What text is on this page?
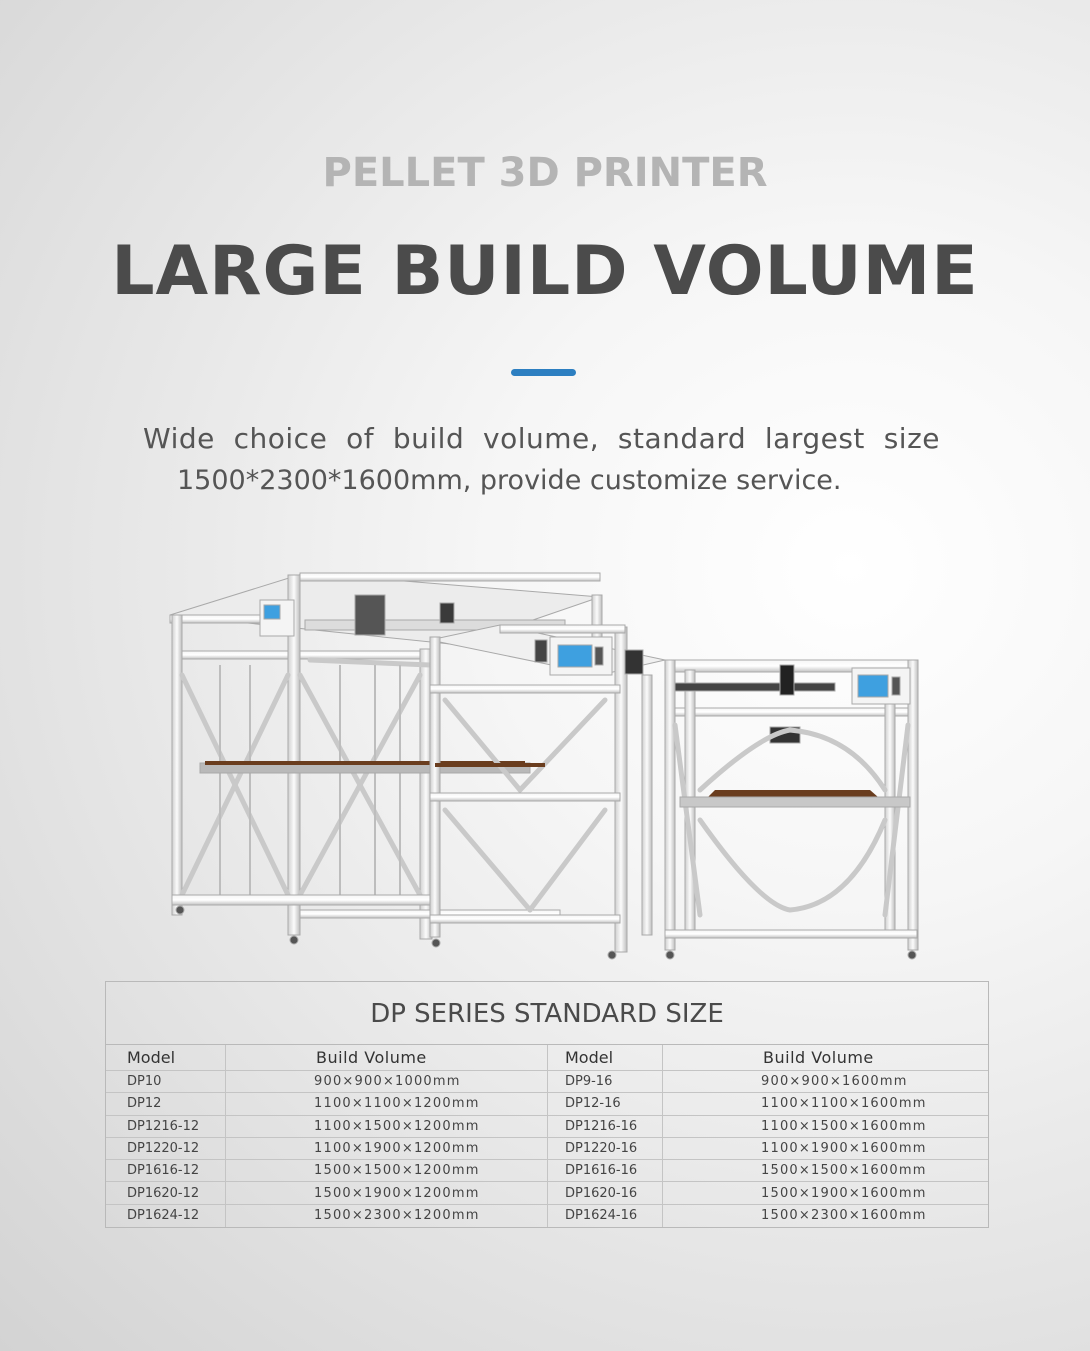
PELLET 3D PRINTER
LARGE BUILD VOLUME
Wide choice of build volume, standard largest size
1500*2300*1600mm, provide customize service.
DP SERIES STANDARD SIZE
Model	Build Volume	Model	Build Volume
DP10	900×900×1000mm	DP9-16	900×900×1600mm
DP12	1100×1100×1200mm	DP12-16	1100×1100×1600mm
DP1216-12	1100×1500×1200mm	DP1216-16	1100×1500×1600mm
DP1220-12	1100×1900×1200mm	DP1220-16	1100×1900×1600mm
DP1616-12	1500×1500×1200mm	DP1616-16	1500×1500×1600mm
DP1620-12	1500×1900×1200mm	DP1620-16	1500×1900×1600mm
DP1624-12	1500×2300×1200mm	DP1624-16	1500×2300×1600mm
